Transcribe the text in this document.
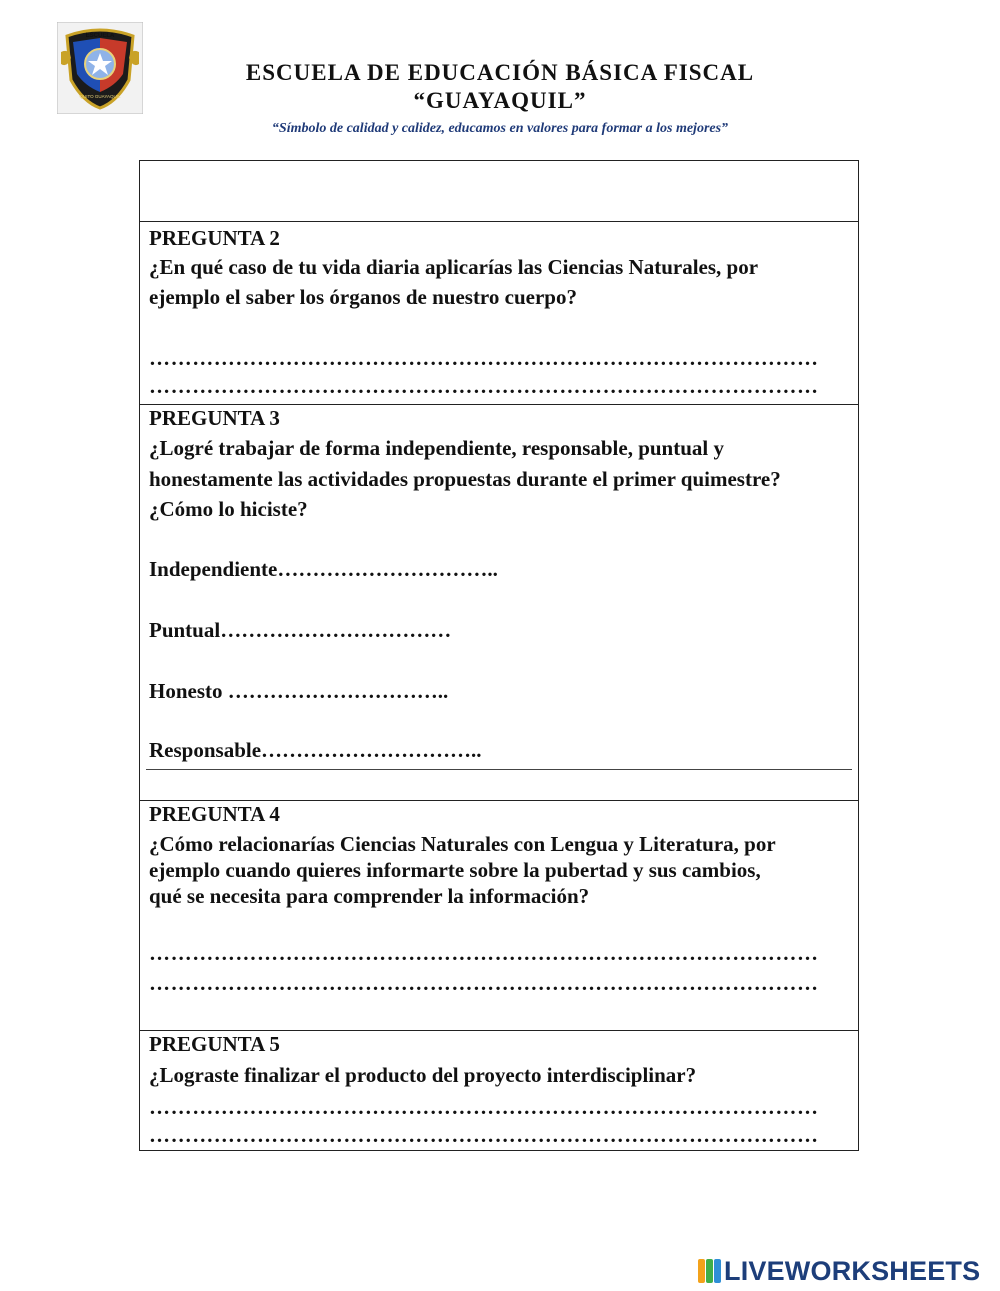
ESCUELA
QUITO GUAYAQUIL
ESCUELA DE EDUCACIÓN BÁSICA FISCAL
“GUAYAQUIL”
“Símbolo de calidad y calidez, educamos en valores para formar a los mejores”
PREGUNTA 2
¿En qué caso de tu vida diaria aplicarías las Ciencias Naturales, por
ejemplo el saber los órganos de nuestro cuerpo?
…………………………………………………………………………………
…………………………………………………………………………………
PREGUNTA 3
¿Logré trabajar de forma independiente, responsable, puntual y
honestamente las actividades propuestas durante el primer quimestre?
¿Cómo lo hiciste?
Independiente…………………………..
Puntual……………………………
Honesto …………………………..
Responsable…………………………..
PREGUNTA 4
¿Cómo relacionarías Ciencias Naturales con Lengua y Literatura, por
ejemplo cuando quieres informarte sobre la pubertad y sus cambios,
qué se necesita para comprender la información?
…………………………………………………………………………………
…………………………………………………………………………………
PREGUNTA 5
¿Lograste finalizar el producto del proyecto interdisciplinar?
…………………………………………………………………………………
…………………………………………………………………………………
LIVEWORKSHEETS
